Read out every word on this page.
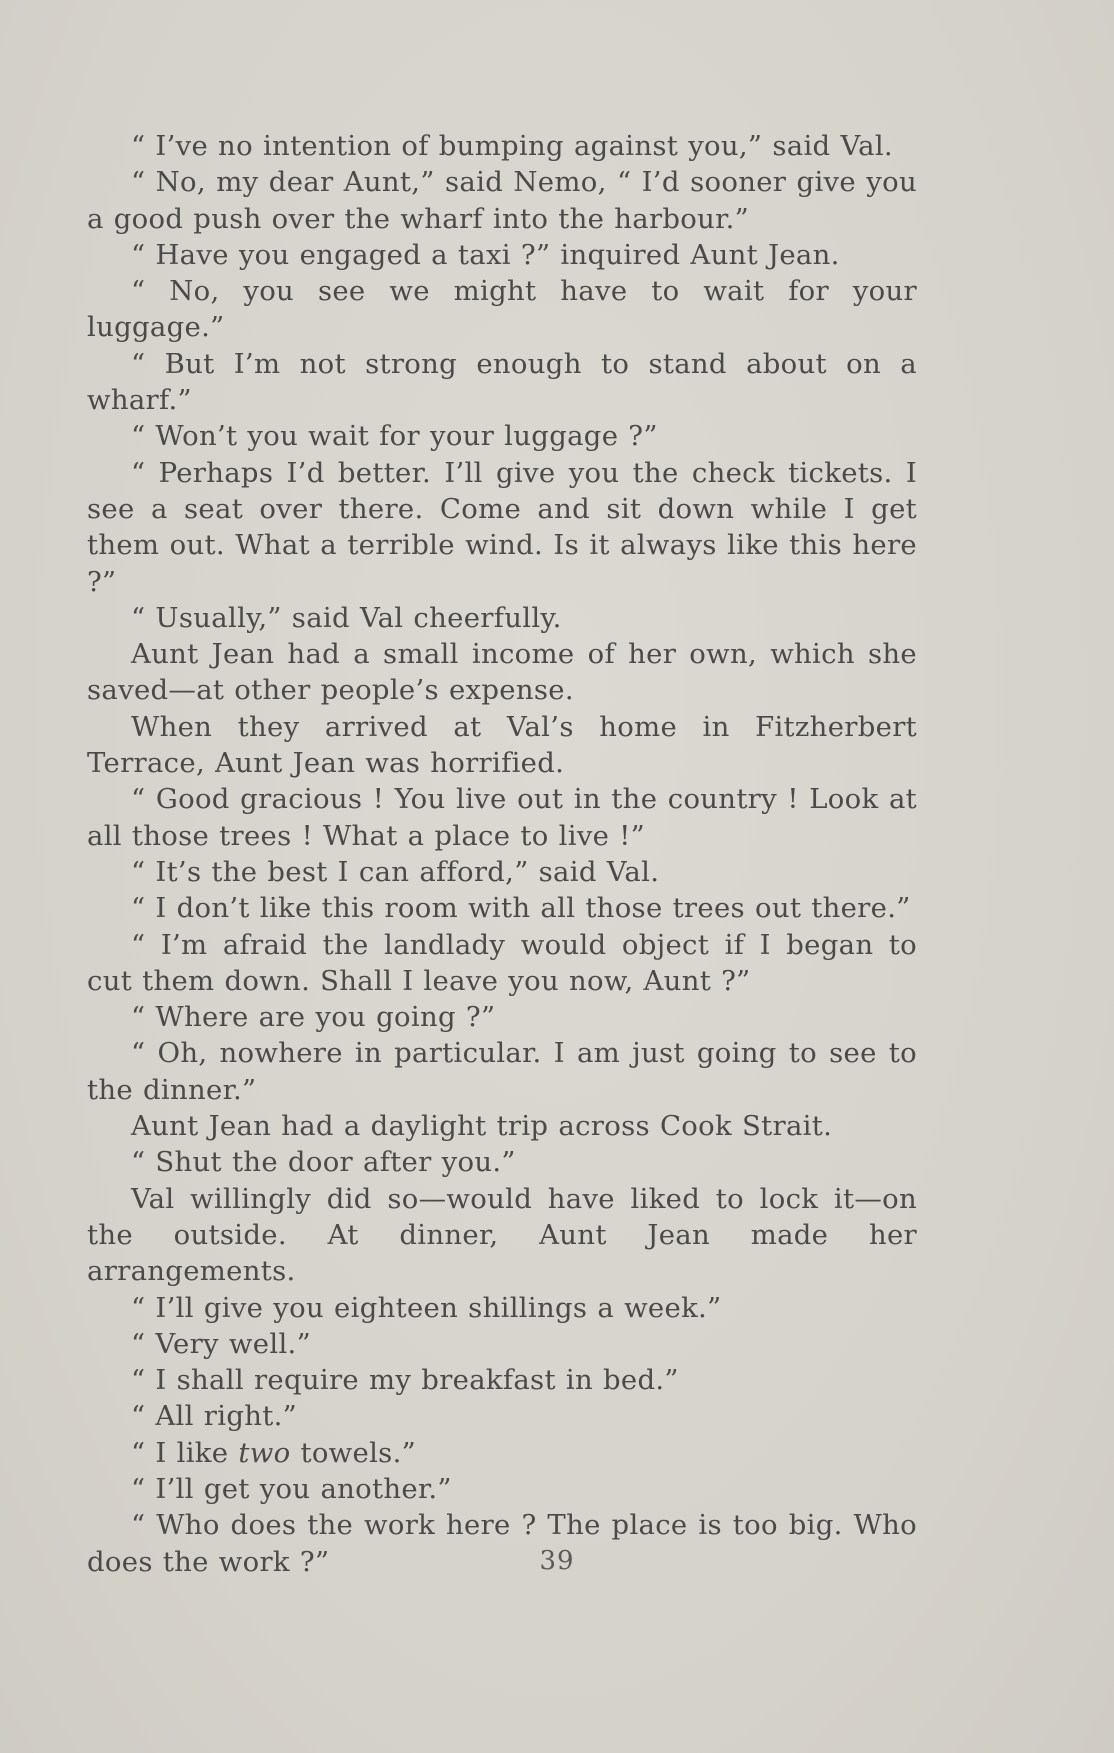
“ I’ve no intention of bumping against you,” said Val.

“ No, my dear Aunt,” said Nemo, “ I’d sooner give you a good push over the wharf into the harbour.”

“ Have you engaged a taxi ?” inquired Aunt Jean.

“ No, you see we might have to wait for your luggage.”

“ But I’m not strong enough to stand about on a wharf.”

“ Won’t you wait for your luggage ?”

“ Perhaps I’d better. I’ll give you the check tickets. I see a seat over there. Come and sit down while I get them out. What a terrible wind. Is it always like this here ?”

“ Usually,” said Val cheerfully.

Aunt Jean had a small income of her own, which she saved—at other people’s expense.

When they arrived at Val’s home in Fitzherbert Terrace, Aunt Jean was horrified.

“ Good gracious ! You live out in the country ! Look at all those trees ! What a place to live !”

“ It’s the best I can afford,” said Val.

“ I don’t like this room with all those trees out there.”

“ I’m afraid the landlady would object if I began to cut them down. Shall I leave you now, Aunt ?”

“ Where are you going ?”

“ Oh, nowhere in particular. I am just going to see to the dinner.”

Aunt Jean had a daylight trip across Cook Strait.

“ Shut the door after you.”

Val willingly did so—would have liked to lock it—on the outside. At dinner, Aunt Jean made her arrangements.

“ I’ll give you eighteen shillings a week.”

“ Very well.”

“ I shall require my breakfast in bed.”

“ All right.”

“ I like two towels.”

“ I’ll get you another.”

“ Who does the work here ? The place is too big. Who does the work ?”	39
